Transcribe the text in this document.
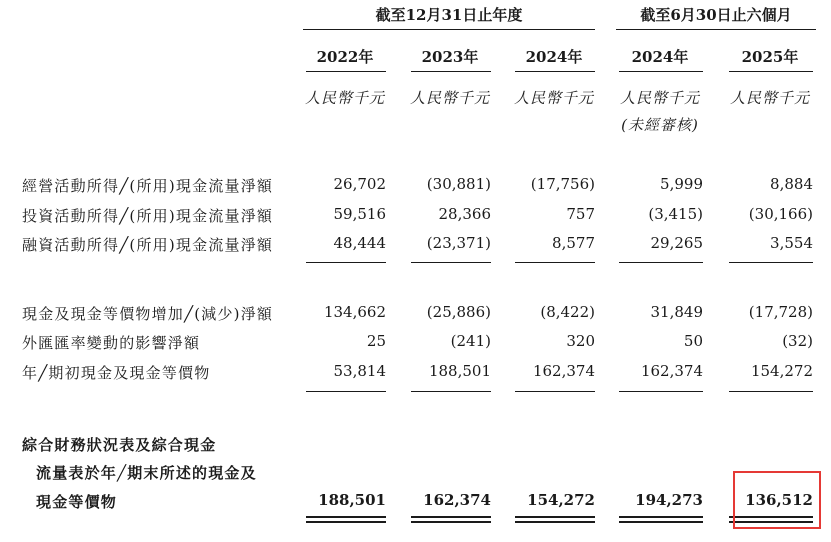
截至12月31日止年度	截至6月30日止六個月
2022年	2023年	2024年	2024年	2025年
人民幣千元	人民幣千元	人民幣千元	人民幣千元	人民幣千元
(未經審核)
經營活動所得╱(所用)現金流量淨額	26,702	(30,881)	(17,756)	5,999	8,884
投資活動所得╱(所用)現金流量淨額	59,516	28,366	757	(3,415)	(30,166)
融資活動所得╱(所用)現金流量淨額	48,444	(23,371)	8,577	29,265	3,554
現金及現金等價物增加╱(減少)淨額	134,662	(25,886)	(8,422)	31,849	(17,728)
外匯匯率變動的影響淨額	25	(241)	320	50	(32)
年╱期初現金及現金等價物	53,814	188,501	162,374	162,374	154,272
綜合財務狀況表及綜合現金
流量表於年╱期末所述的現金及
現金等價物	188,501	162,374	154,272	194,273	136,512
